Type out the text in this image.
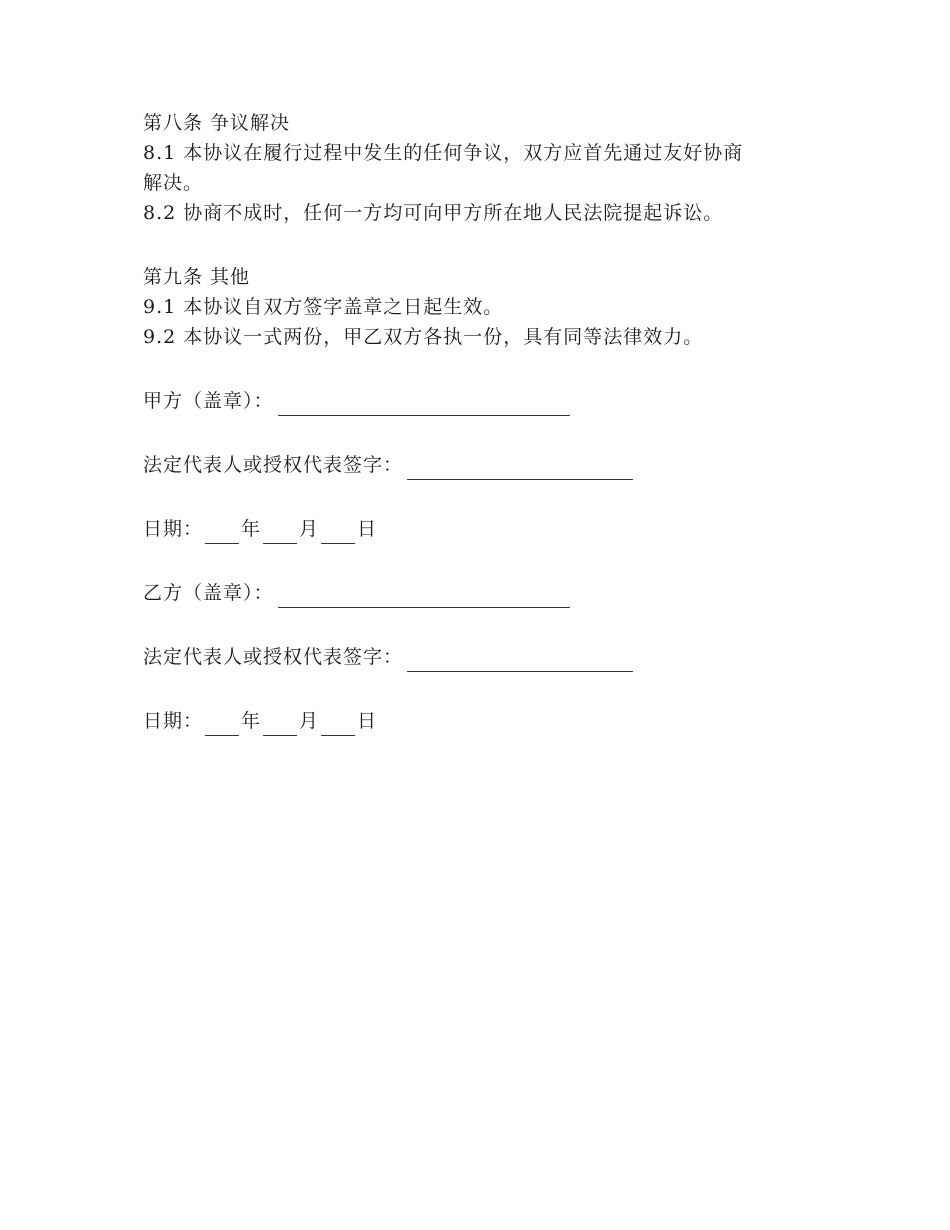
第八条 争议解决
8.1 本协议在履行过程中发生的任何争议，双方应首先通过友好协商
解决。
8.2 协商不成时，任何一方均可向甲方所在地人民法院提起诉讼。
第九条 其他
9.1 本协议自双方签字盖章之日起生效。
9.2 本协议一式两份，甲乙双方各执一份，具有同等法律效力。
甲方（盖章）：
法定代表人或授权代表签字：
日期： 年 月 日
乙方（盖章）：
法定代表人或授权代表签字：
日期： 年 月 日
